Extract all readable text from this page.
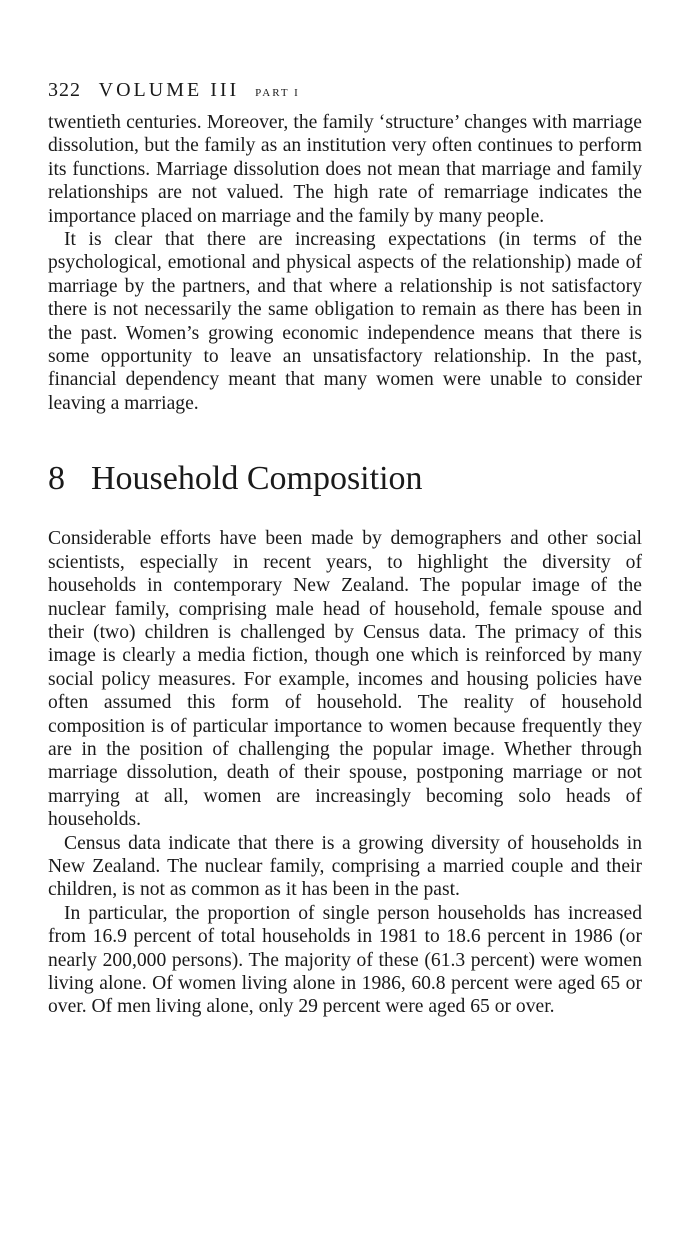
322 VOLUME III PART I

twentieth centuries. Moreover, the family ‘structure’ changes with marriage dissolution, but the family as an institution very often continues to perform its functions. Marriage dissolution does not mean that marriage and family relationships are not valued. The high rate of remarriage indicates the importance placed on marriage and the family by many people.

It is clear that there are increasing expectations (in terms of the psychological, emotional and physical aspects of the relationship) made of marriage by the partners, and that where a relationship is not satisfactory there is not necessarily the same obligation to remain as there has been in the past. Women’s growing economic independence means that there is some opportunity to leave an unsatisfactory relationship. In the past, financial dependency meant that many women were unable to consider leaving a marriage.

8 Household Composition

Considerable efforts have been made by demographers and other social scientists, especially in recent years, to highlight the diversity of households in contemporary New Zealand. The popular image of the nuclear family, comprising male head of household, female spouse and their (two) children is challenged by Census data. The primacy of this image is clearly a media fiction, though one which is reinforced by many social policy measures. For example, incomes and housing policies have often assumed this form of household. The reality of household composition is of particular importance to women because frequently they are in the position of challenging the popular image. Whether through marriage dissolution, death of their spouse, postponing marriage or not marrying at all, women are increasingly becoming solo heads of households.

Census data indicate that there is a growing diversity of households in New Zealand. The nuclear family, comprising a married couple and their children, is not as common as it has been in the past.

In particular, the proportion of single person households has increased from 16.9 percent of total households in 1981 to 18.6 percent in 1986 (or nearly 200,000 persons). The majority of these (61.3 percent) were women living alone. Of women living alone in 1986, 60.8 percent were aged 65 or over. Of men living alone, only 29 percent were aged 65 or over.
